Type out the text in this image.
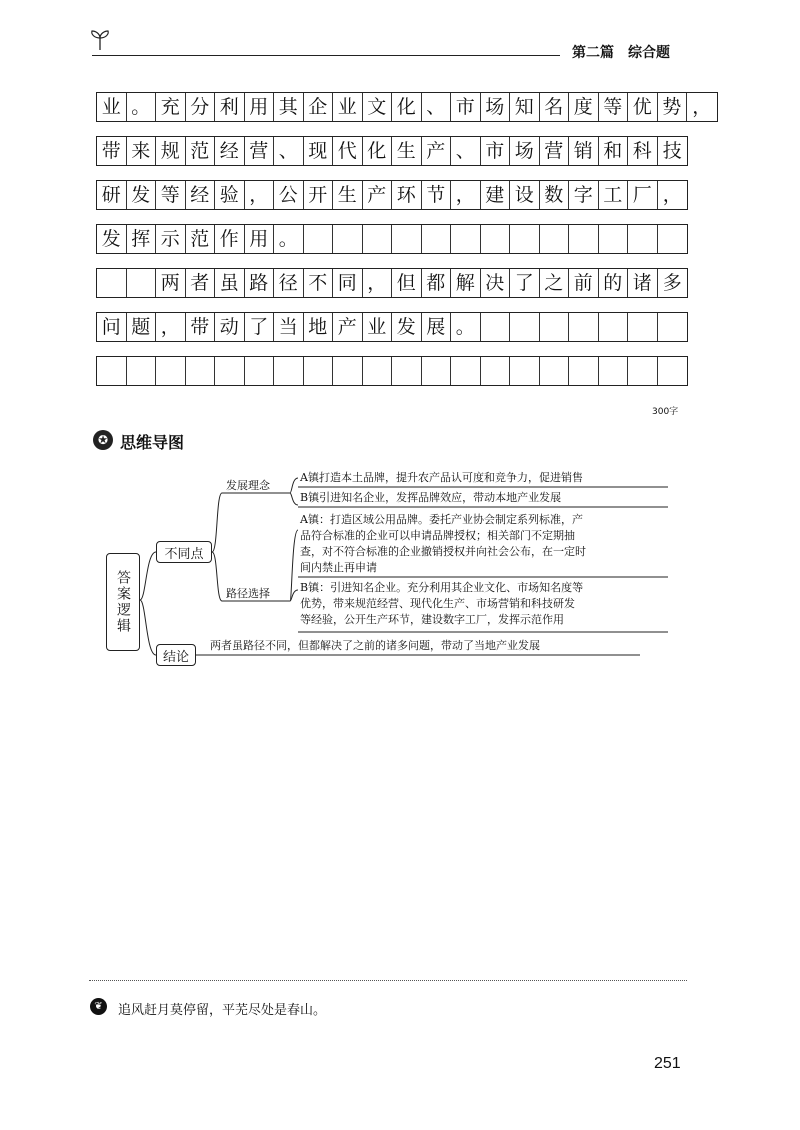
第二篇　综合题
业 。 充 分 利 用 其 企 业 文 化 、 市 场 知 名 度 等 优 势 ，
带 来 规 范 经 营 、 现 代 化 生 产 、 市 场 营 销 和 科 技
研 发 等 经 验 ， 公 开 生 产 环 节 ， 建 设 数 字 工 厂 ，
发 挥 示 范 作 用 。
两 者 虽 路 径 不 同 ， 但 都 解 决 了 之 前 的 诸 多
问 题 ， 带 动 了 当 地 产 业 发 展 。
300字
✪ 思维导图
答案逻辑
不同点
结论
发展理念
路径选择
A镇打造本土品牌，提升农产品认可度和竞争力，促进销售
B镇引进知名企业，发挥品牌效应，带动本地产业发展
A镇：打造区域公用品牌。委托产业协会制定系列标准，产
品符合标准的企业可以申请品牌授权；相关部门不定期抽
查，对不符合标准的企业撤销授权并向社会公布，在一定时
间内禁止再申请
B镇：引进知名企业。充分利用其企业文化、市场知名度等
优势，带来规范经营、现代化生产、市场营销和科技研发
等经验，公开生产环节，建设数字工厂，发挥示范作用
两者虽路径不同，但都解决了之前的诸多问题，带动了当地产业发展
❦	追风赶月莫停留，平芜尽处是春山。
251
